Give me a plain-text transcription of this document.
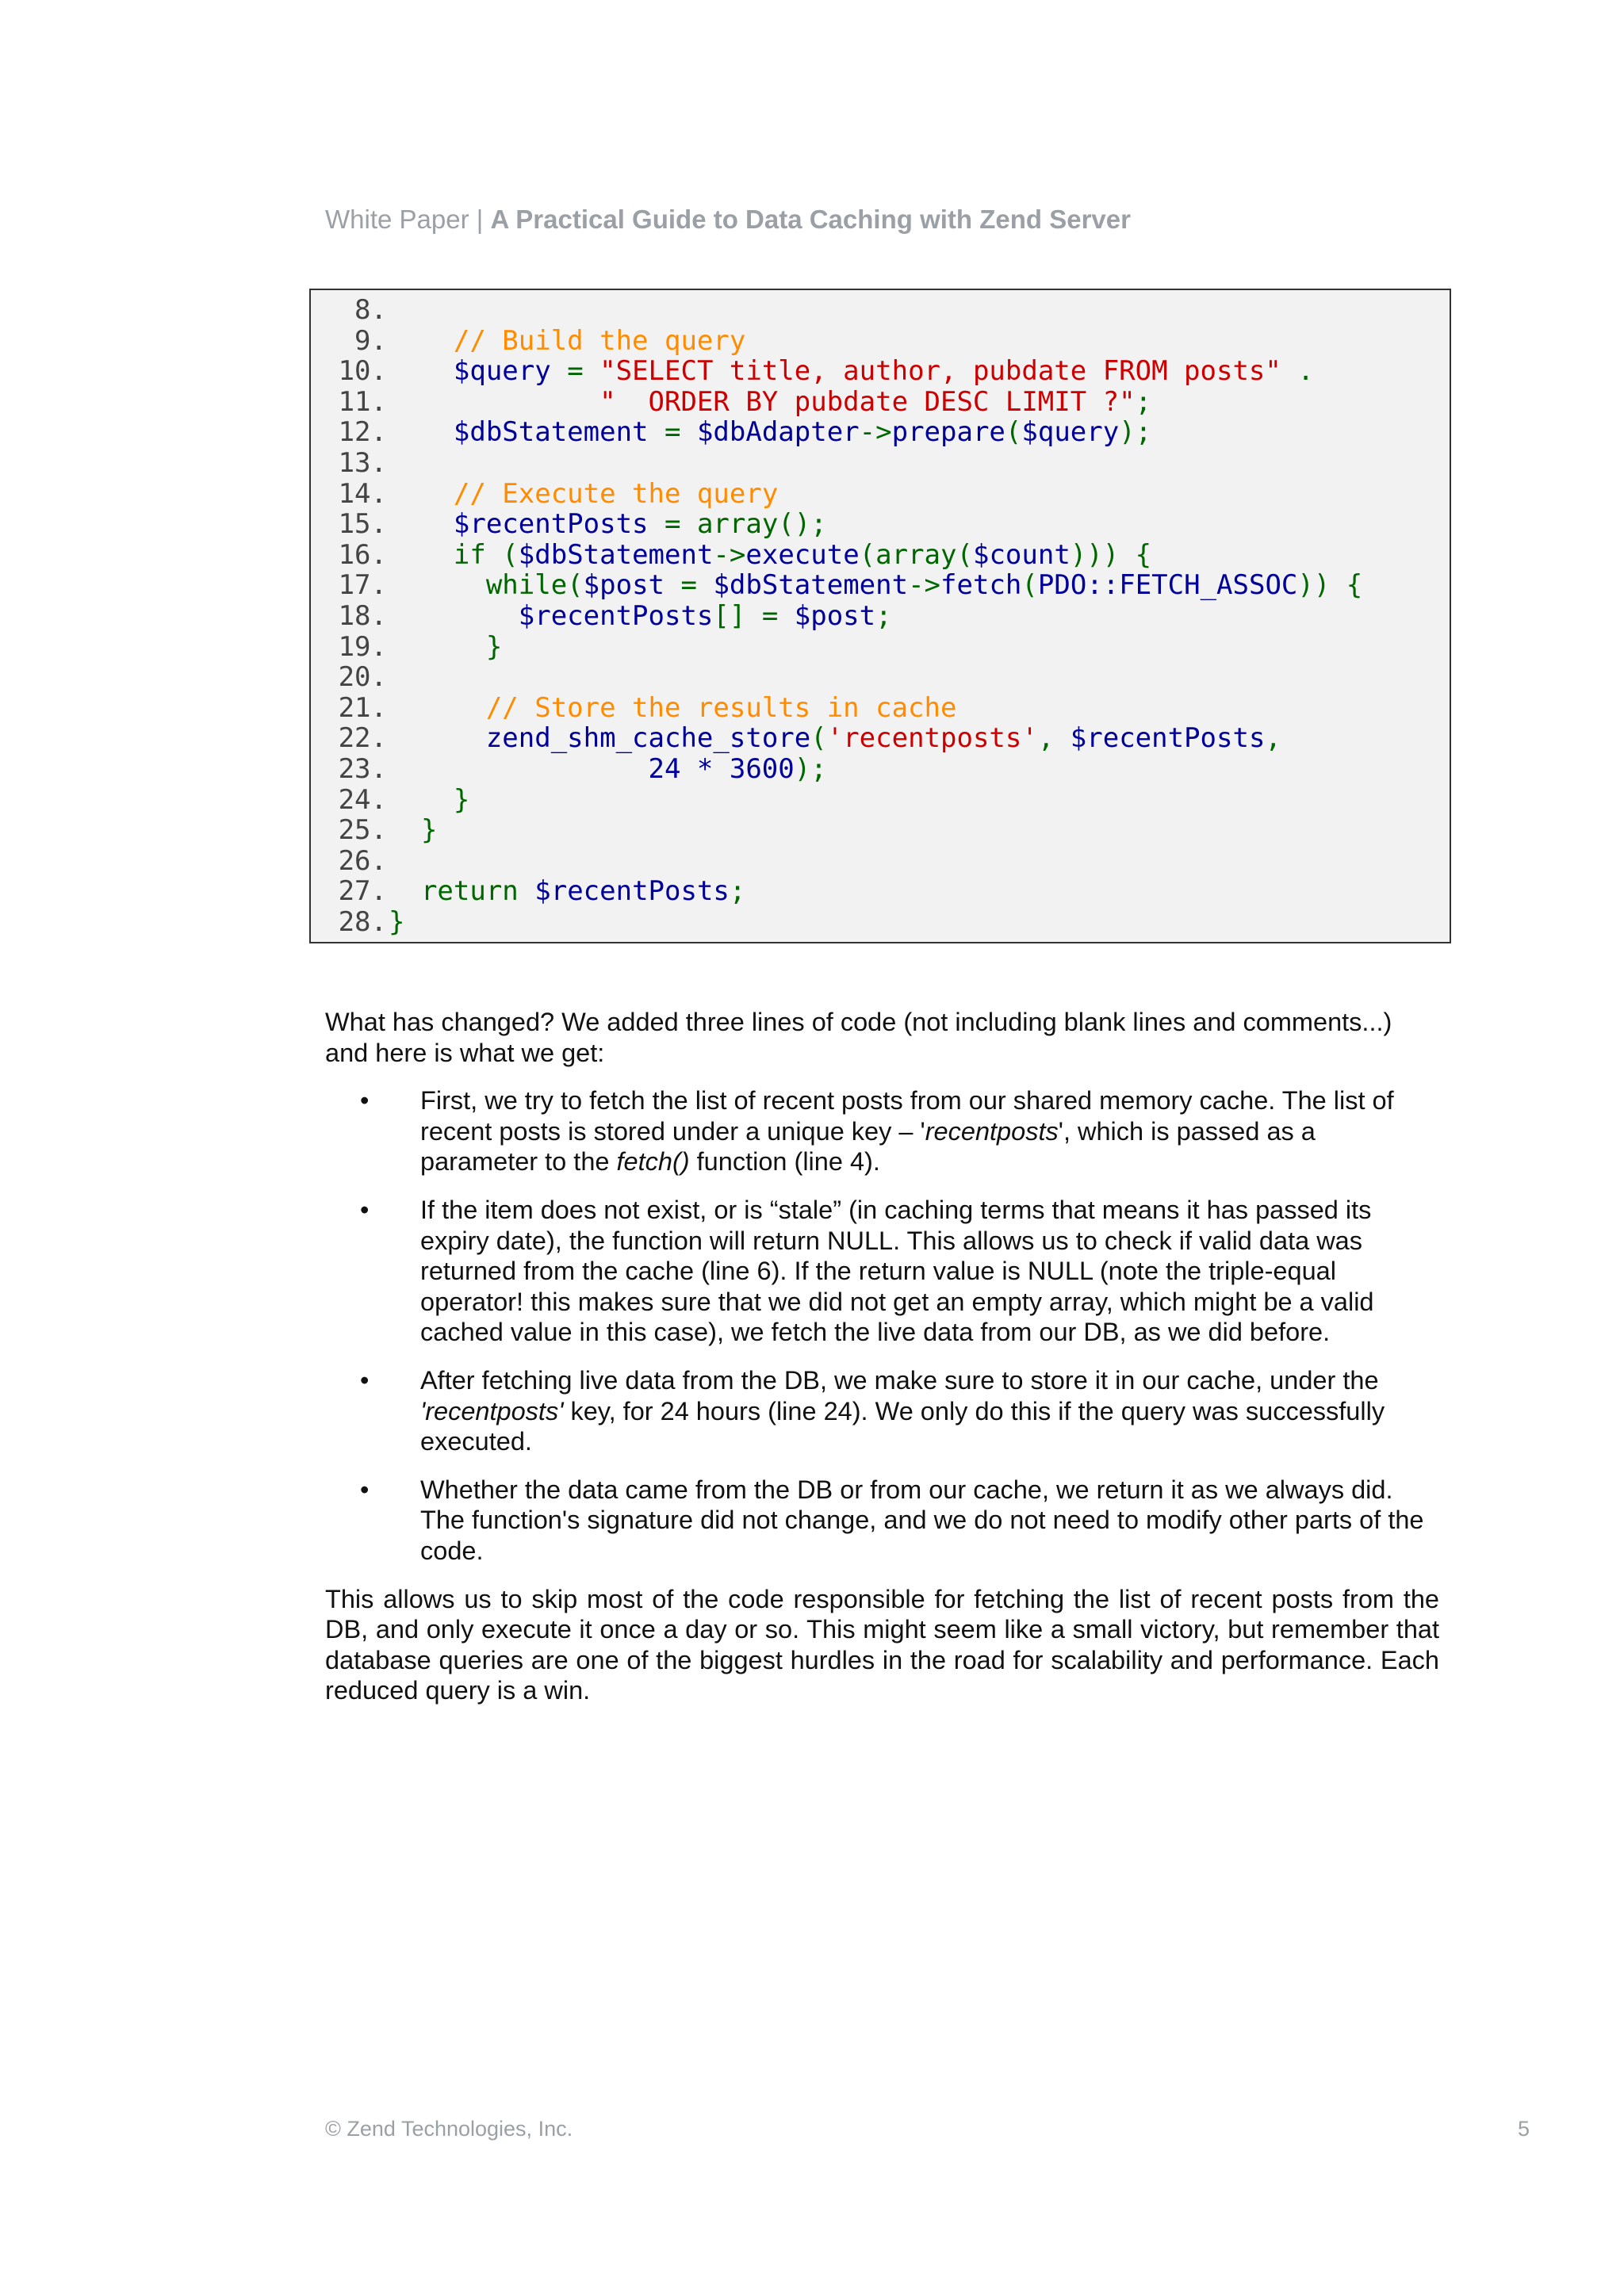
White Paper | A Practical Guide to Data Caching with Zend Server
8.
9. // Build the query
10. $query = "SELECT title, author, pubdate FROM posts" .
11.	"  ORDER BY pubdate DESC LIMIT ?";
12. $dbStatement = $dbAdapter->prepare($query);
13.
14. // Execute the query
15. $recentPosts = array();
16. if ($dbStatement->execute(array($count))) {
17.	while($post = $dbStatement->fetch(PDO::FETCH_ASSOC)) {
18.	$recentPosts[] = $post;
19.	}
20.
21.	// Store the results in cache
22.	zend_shm_cache_store('recentposts', $recentPosts,
23.	24 * 3600);
24. }
25. }
26.
27. return $recentPosts;
28.}

What has changed? We added three lines of code (not including blank lines and comments...) and here is what we get:

• First, we try to fetch the list of recent posts from our shared memory cache. The list of recent posts is stored under a unique key – 'recentposts', which is passed as a parameter to the fetch() function (line 4).
• If the item does not exist, or is “stale” (in caching terms that means it has passed its expiry date), the function will return NULL. This allows us to check if valid data was returned from the cache (line 6). If the return value is NULL (note the triple-equal operator! this makes sure that we did not get an empty array, which might be a valid cached value in this case), we fetch the live data from our DB, as we did before.
• After fetching live data from the DB, we make sure to store it in our cache, under the 'recentposts' key, for 24 hours (line 24). We only do this if the query was successfully executed.
• Whether the data came from the DB or from our cache, we return it as we always did. The function's signature did not change, and we do not need to modify other parts of the code.

This allows us to skip most of the code responsible for fetching the list of recent posts from the DB, and only execute it once a day or so. This might seem like a small victory, but remember that database queries are one of the biggest hurdles in the road for scalability and performance. Each reduced query is a win.

© Zend Technologies, Inc.	5
